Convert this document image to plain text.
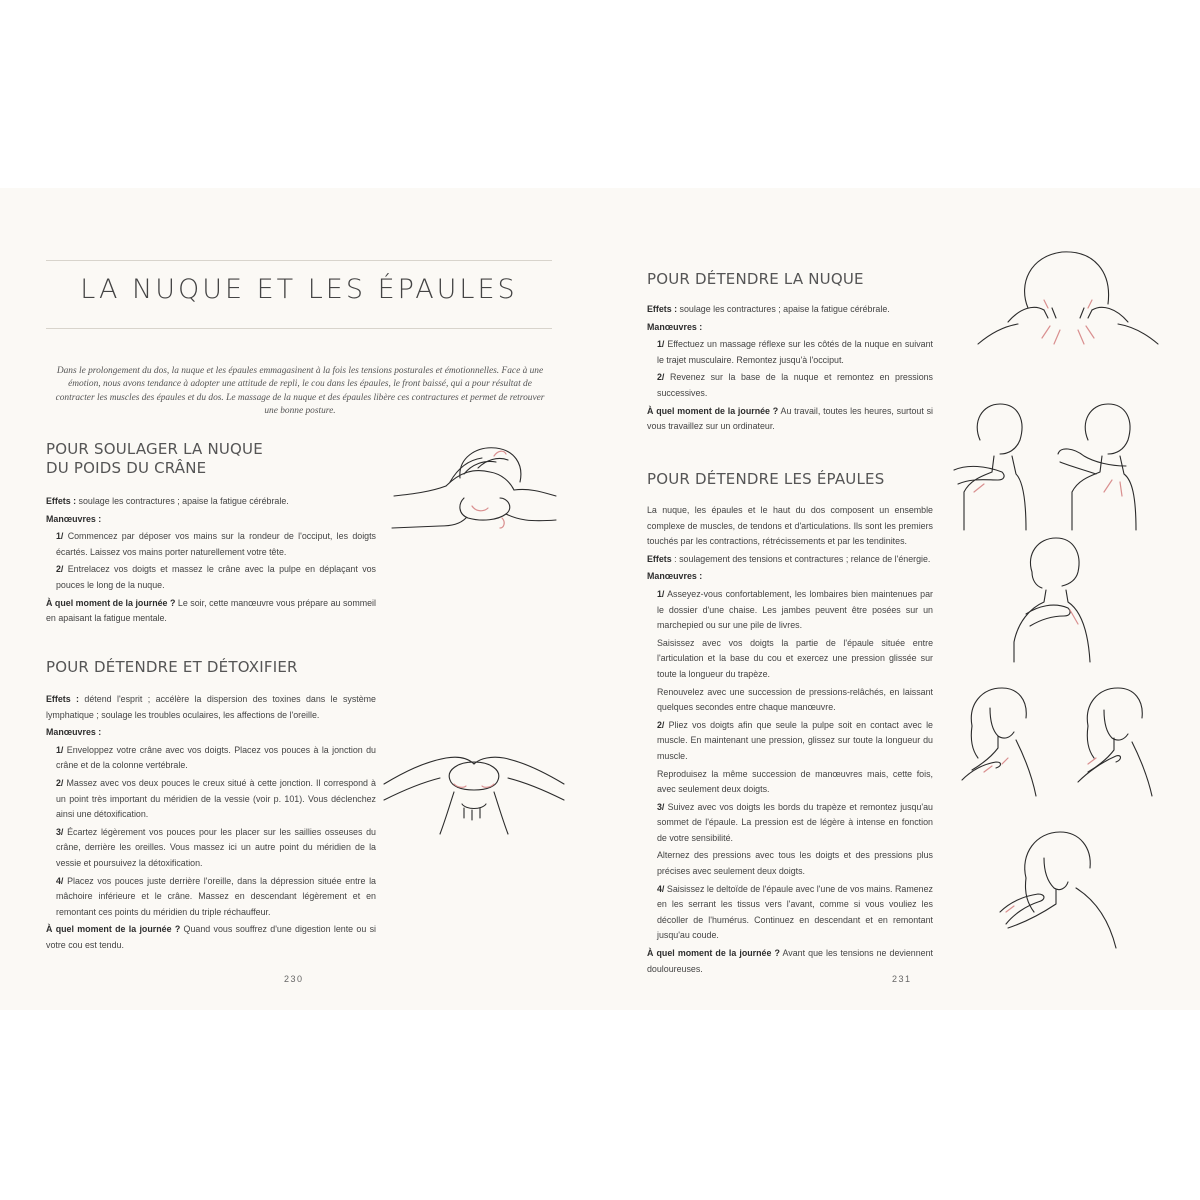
LA NUQUE ET LES ÉPAULES

Dans le prolongement du dos, la nuque et les épaules emmagasinent à la fois les tensions posturales et émotionnelles. Face à une émotion, nous avons tendance à adopter une attitude de repli, le cou dans les épaules, le front baissé, qui a pour résultat de contracter les muscles des épaules et du dos. Le massage de la nuque et des épaules libère ces contractures et permet de retrouver une bonne posture.

POUR SOULAGER LA NUQUE
DU POIDS DU CRÂNE

Effets : soulage les contractures ; apaise la fatigue cérébrale.

Manœuvres :

1/ Commencez par déposer vos mains sur la rondeur de l'occiput, les doigts écartés. Laissez vos mains porter naturellement votre tête.

2/ Entrelacez vos doigts et massez le crâne avec la pulpe en déplaçant vos pouces le long de la nuque.

À quel moment de la journée ? Le soir, cette manœuvre vous prépare au sommeil en apaisant la fatigue mentale.

POUR DÉTENDRE ET DÉTOXIFIER

Effets : détend l'esprit ; accélère la dispersion des toxines dans le système lymphatique ; soulage les troubles oculaires, les affections de l'oreille.

Manœuvres :

1/ Enveloppez votre crâne avec vos doigts. Placez vos pouces à la jonction du crâne et de la colonne vertébrale.

2/ Massez avec vos deux pouces le creux situé à cette jonction. Il correspond à un point très important du méridien de la vessie (voir p. 101). Vous déclenchez ainsi une détoxification.

3/ Écartez légèrement vos pouces pour les placer sur les saillies osseuses du crâne, derrière les oreilles. Vous massez ici un autre point du méridien de la vessie et poursuivez la détoxification.

4/ Placez vos pouces juste derrière l'oreille, dans la dépression située entre la mâchoire inférieure et le crâne. Massez en descendant légèrement et en remontant ces points du méridien du triple réchauffeur.

À quel moment de la journée ? Quand vous souffrez d'une digestion lente ou si votre cou est tendu.

230
POUR DÉTENDRE LA NUQUE

Effets : soulage les contractures ; apaise la fatigue cérébrale.

Manœuvres :

1/ Effectuez un massage réflexe sur les côtés de la nuque en suivant le trajet musculaire. Remontez jusqu'à l'occiput.

2/ Revenez sur la base de la nuque et remontez en pressions successives.

À quel moment de la journée ? Au travail, toutes les heures, surtout si vous travaillez sur un ordinateur.

POUR DÉTENDRE LES ÉPAULES

La nuque, les épaules et le haut du dos composent un ensemble complexe de muscles, de tendons et d'articulations. Ils sont les premiers touchés par les contractions, rétrécissements et par les tendinites.

Effets : soulagement des tensions et contractures ; relance de l'énergie.

Manœuvres :

1/ Asseyez-vous confortablement, les lombaires bien maintenues par le dossier d'une chaise. Les jambes peuvent être posées sur un marchepied ou sur une pile de livres.

Saisissez avec vos doigts la partie de l'épaule située entre l'articulation et la base du cou et exercez une pression glissée sur toute la longueur du trapèze.

Renouvelez avec une succession de pressions-relâchés, en laissant quelques secondes entre chaque manœuvre.

2/ Pliez vos doigts afin que seule la pulpe soit en contact avec le muscle. En maintenant une pression, glissez sur toute la longueur du muscle.

Reproduisez la même succession de manœuvres mais, cette fois, avec seulement deux doigts.

3/ Suivez avec vos doigts les bords du trapèze et remontez jusqu'au sommet de l'épaule. La pression est de légère à intense en fonction de votre sensibilité.

Alternez des pressions avec tous les doigts et des pressions plus précises avec seulement deux doigts.

4/ Saisissez le deltoïde de l'épaule avec l'une de vos mains. Ramenez en les serrant les tissus vers l'avant, comme si vous vouliez les décoller de l'humérus. Continuez en descendant et en remontant jusqu'au coude.

À quel moment de la journée ? Avant que les tensions ne deviennent douloureuses.

231
